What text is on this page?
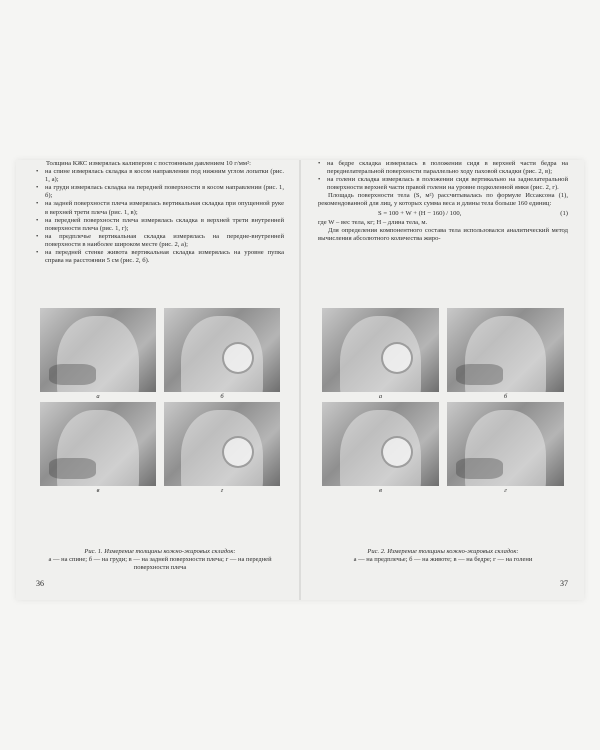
Толщина КЖС измерялась калипером с постоянным давлением 10 г/мм²:

•	на спине измерялась складка в косом направлении под нижним углом лопатки (рис. 1, а);
•	на груди измерялась складка на передней поверхности в косом направлении (рис. 1, б);
•	на задней поверхности плеча измерялась вертикальная складка при опущенной руке в верхней трети плеча (рис. 1, в);
•	на передней поверхности плеча измерялась складка в верхней трети внутренней поверхности плеча (рис. 1, г);
•	на предплечье вертикальная складка измерялась на передне-внутренней поверхности в наиболее широком месте (рис. 2, а);
•	на передней стенке живота вертикальная складка измерялась на уровне пупка справа на расстоянии 5 см (рис. 2, б).
а	б
в	г
Рис. 1. Измерение толщины кожно-жировых складок:
а — на спине; б — на груди; в — на задней поверхности плеча; г — на передней поверхности плеча
36
•	на бедре складка измерялась в положении сидя в верхней части бедра на переднелатеральной поверхности параллельно ходу паховой складки (рис. 2, в);
•	на голени складка измерялась в положении сидя вертикально на заднелатеральной поверхности верхней части правой голени на уровне подколенной ямки (рис. 2, г).

Площадь поверхности тела (S, м²) рассчитывалась по формуле Иссаксона (1), рекомендованной для лиц, у которых сумма веса и длины тела больше 160 единиц:

S = 100 + W + (H − 160) / 100,	(1)

где W – вес тела, кг; H – длина тела, м.

Для определения компонентного состава тела использовался аналитический метод вычисления абсолютного количества жиро-

а	б
в	г
Рис. 2. Измерение толщины кожно-жировых складок:
а — на предплечье; б — на животе; в — на бедре; г — на голени
37
